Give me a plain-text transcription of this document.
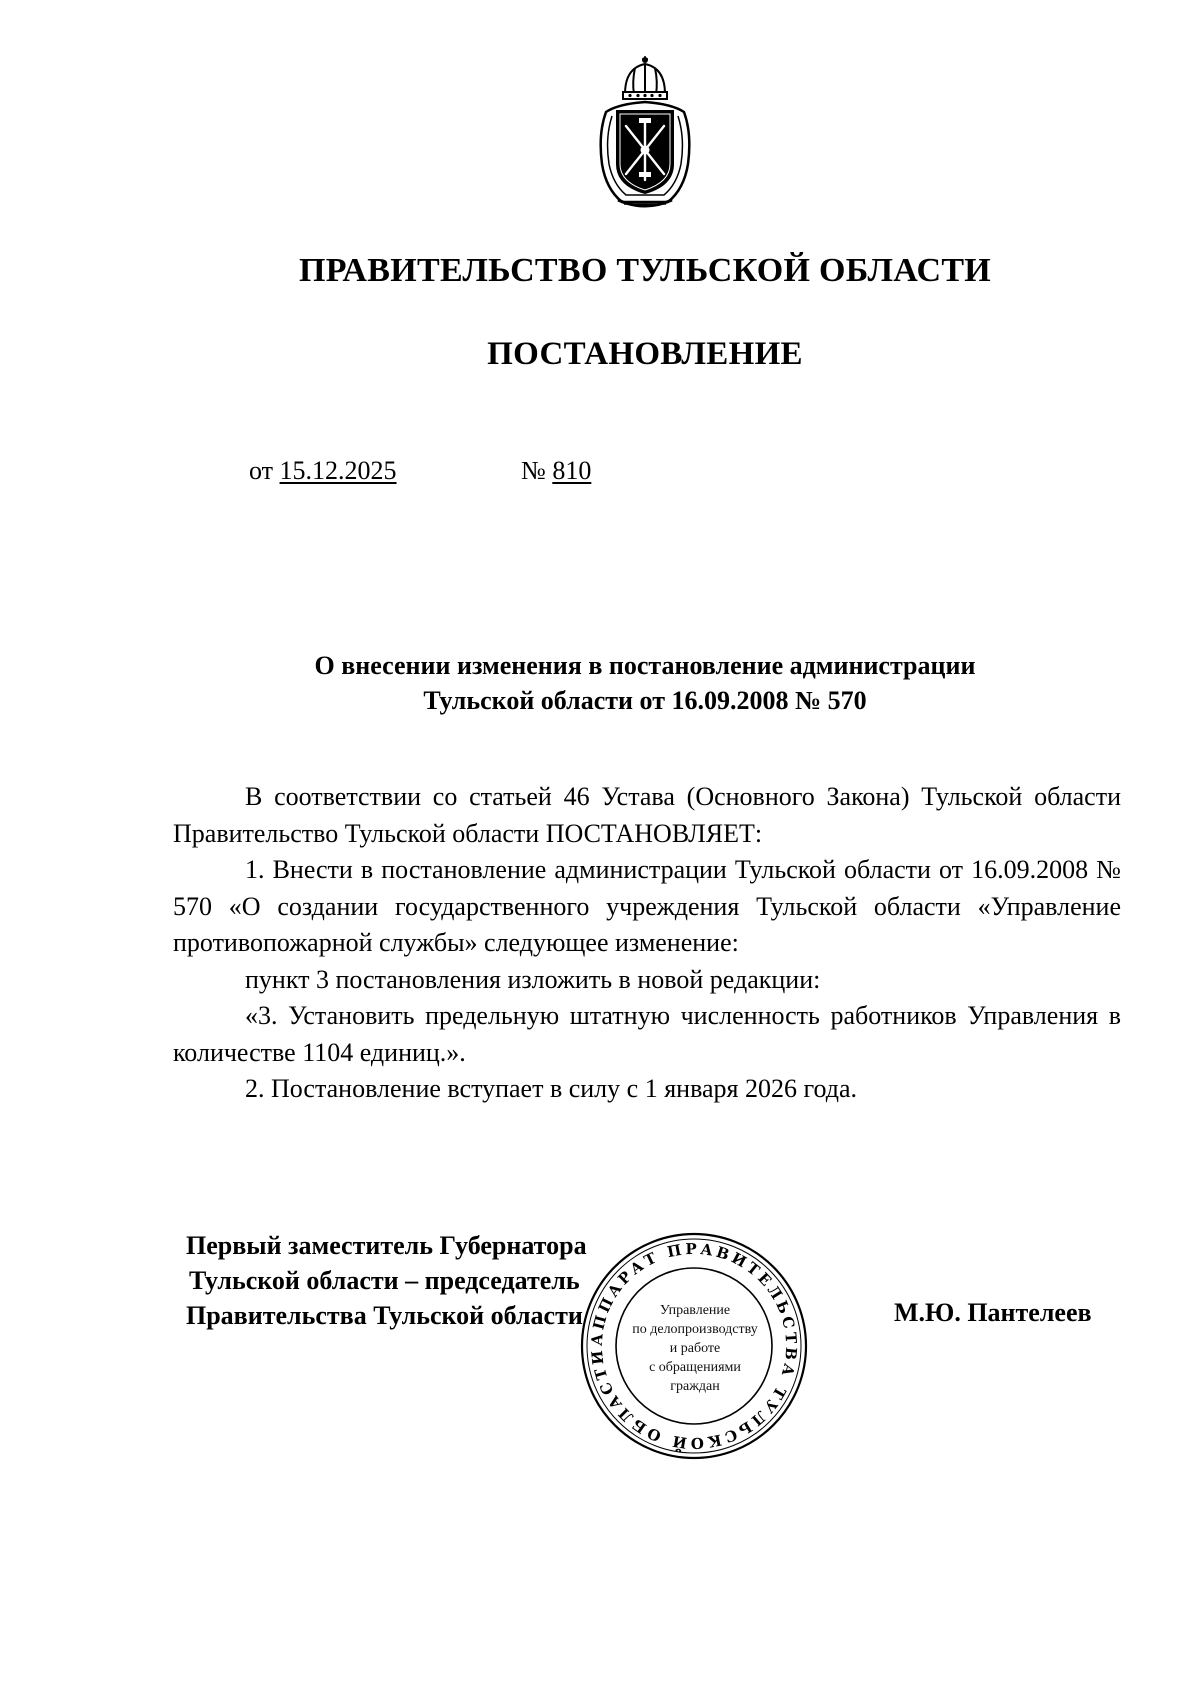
ПРАВИТЕЛЬСТВО ТУЛЬСКОЙ ОБЛАСТИ
ПОСТАНОВЛЕНИЕ
от 15.12.2025	№ 810
О внесении изменения в постановление администрации
Тульской области от 16.09.2008 № 570

В соответствии со статьей 46 Устава (Основного Закона) Тульской области Правительство Тульской области ПОСТАНОВЛЯЕТ:

1. Внести в постановление администрации Тульской области от 16.09.2008 № 570 «О создании государственного учреждения Тульской области «Управление противопожарной службы» следующее изменение:

пункт 3 постановления изложить в новой редакции:

«3. Установить предельную штатную численность работников Управления в количестве 1104 единиц.».

2. Постановление вступает в силу с 1 января 2026 года.

Первый заместитель Губернатора
Тульской области – председатель
Правительства Тульской области	М.Ю. Пантелеев
АППАРАТ ПРАВИТЕЛЬСТВА ТУЛЬСКОЙ ОБЛАСТИ
Управление
по делопроизводству
и работе
с обращениями
граждан
